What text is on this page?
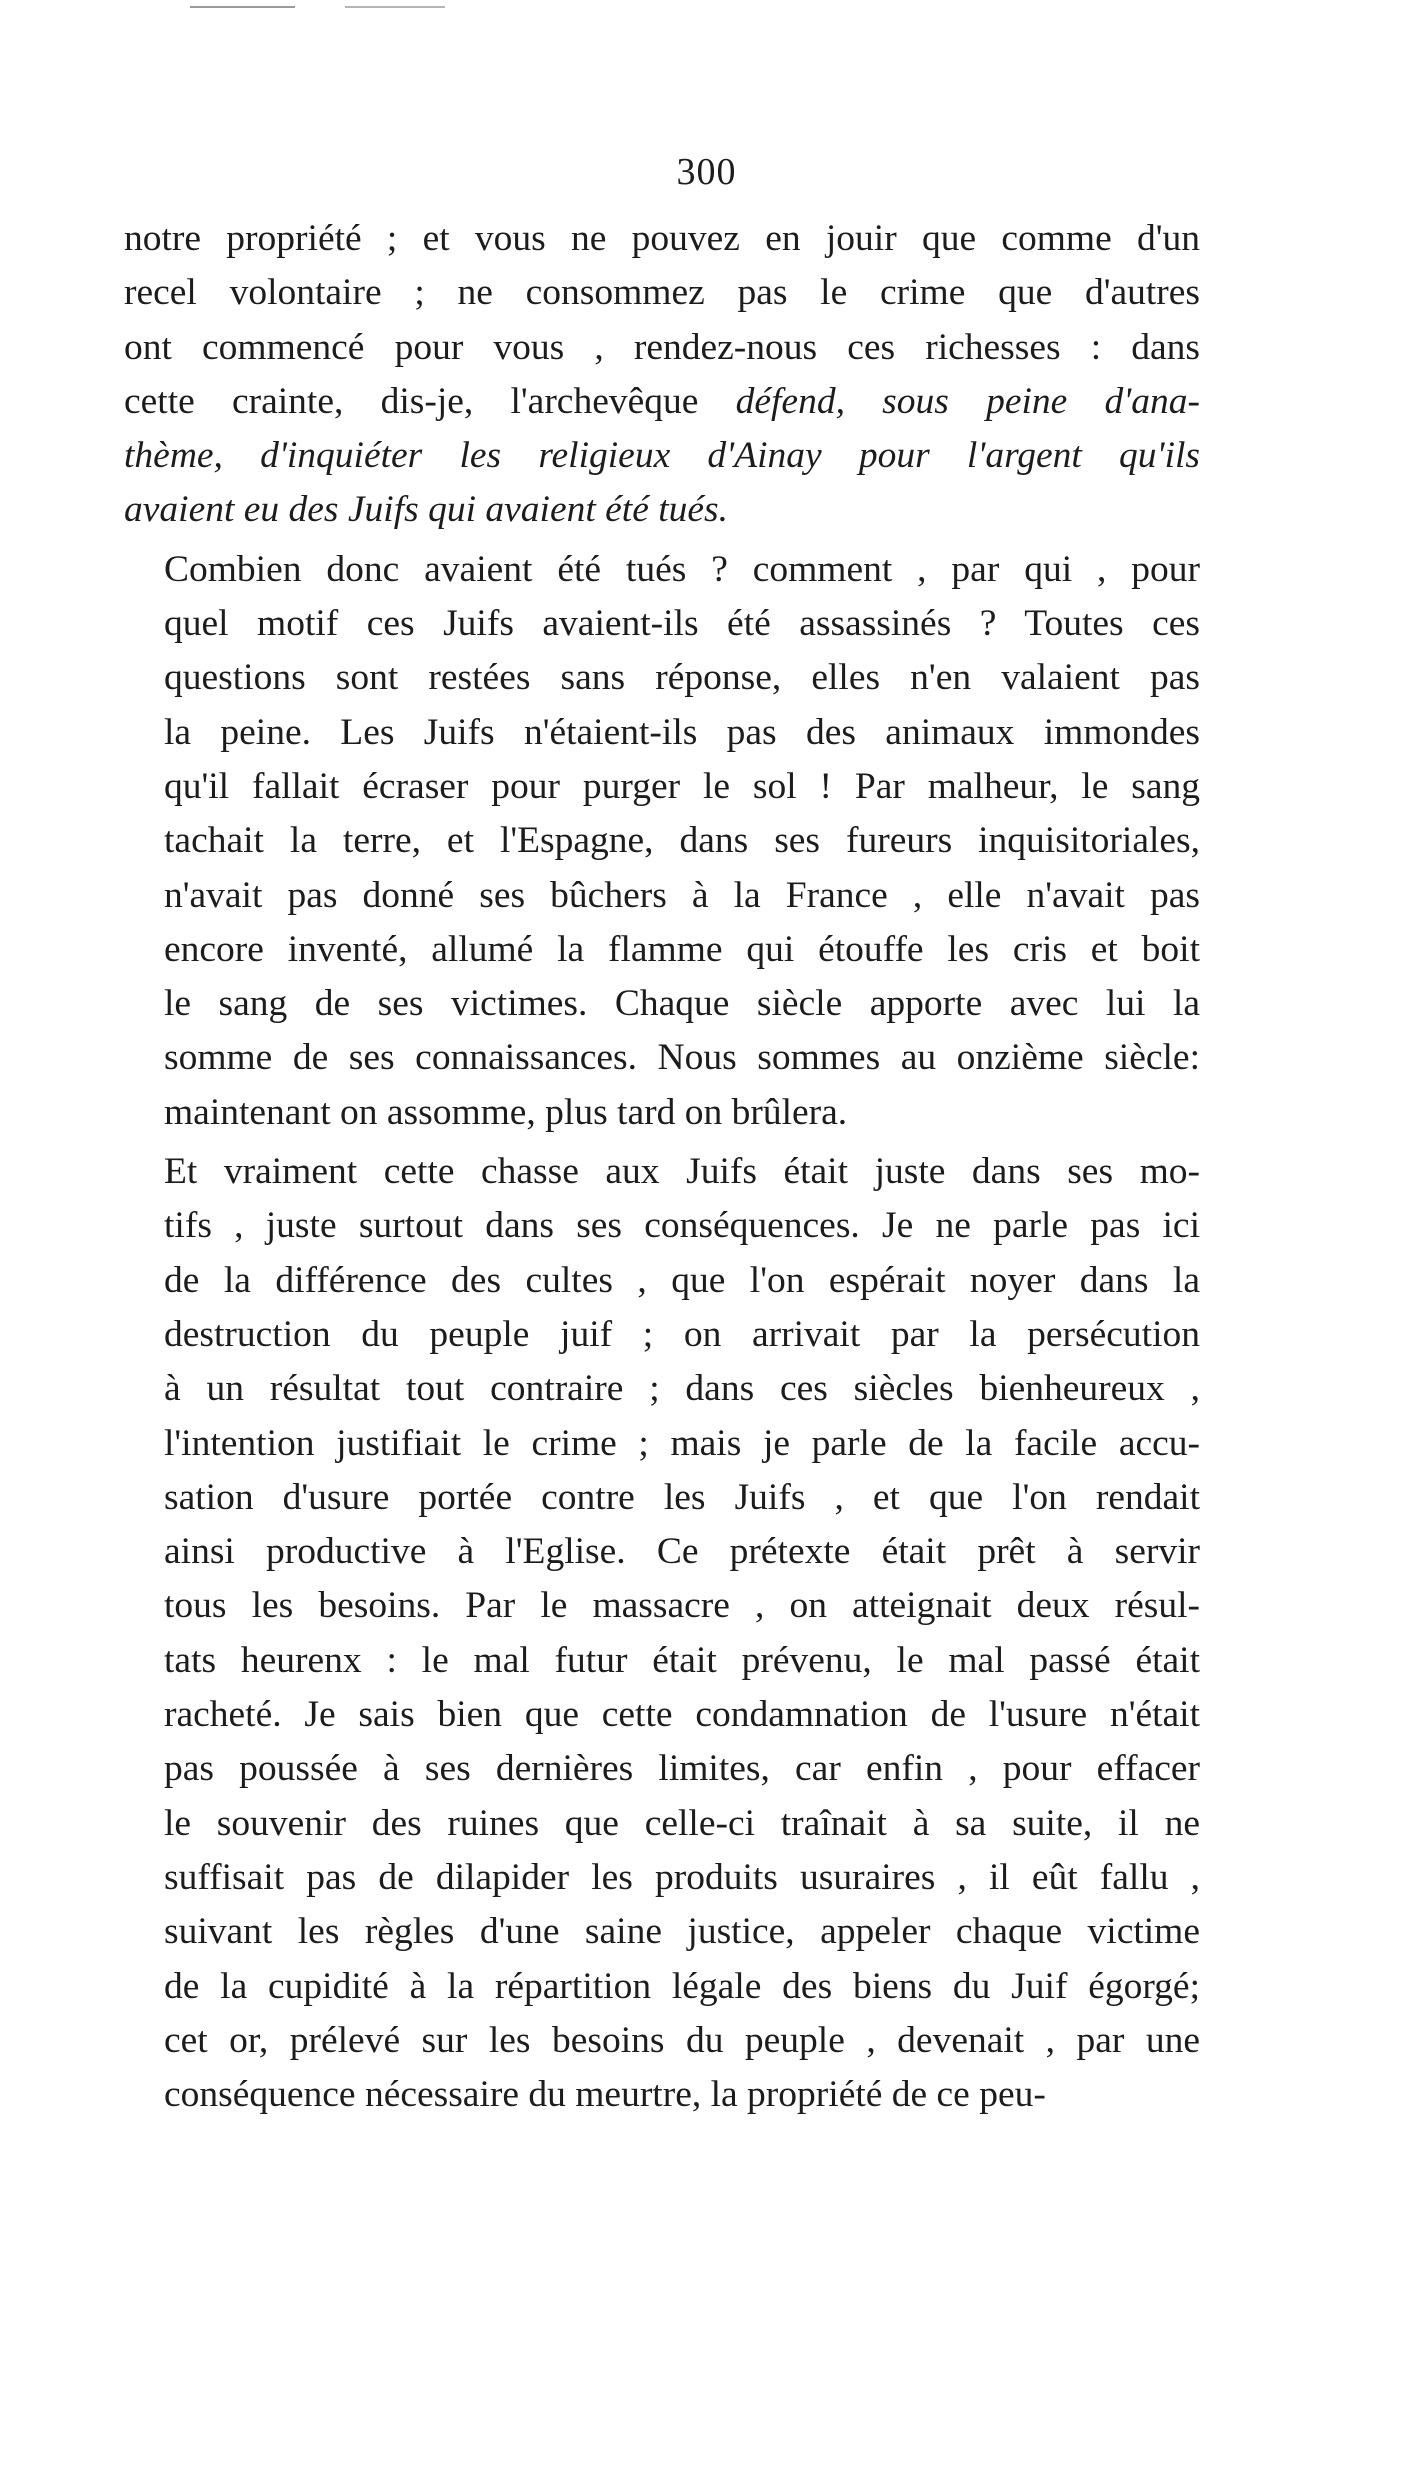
300
notre propriété ; et vous ne pouvez en jouir que comme d'un
recel volontaire ; ne consommez pas le crime que d'autres
ont commencé pour vous , rendez-nous ces richesses : dans
cette crainte, dis-je, l'archevêque défend, sous peine d'ana-
thème, d'inquiéter les religieux d'Ainay pour l'argent qu'ils
avaient eu des Juifs qui avaient été tués.
Combien donc avaient été tués ? comment , par qui , pour
quel motif ces Juifs avaient-ils été assassinés ? Toutes ces
questions sont restées sans réponse, elles n'en valaient pas
la peine. Les Juifs n'étaient-ils pas des animaux immondes
qu'il fallait écraser pour purger le sol ! Par malheur, le sang
tachait la terre, et l'Espagne, dans ses fureurs inquisitoriales,
n'avait pas donné ses bûchers à la France , elle n'avait pas
encore inventé, allumé la flamme qui étouffe les cris et boit
le sang de ses victimes. Chaque siècle apporte avec lui la
somme de ses connaissances. Nous sommes au onzième siècle:
maintenant on assomme, plus tard on brûlera.
Et vraiment cette chasse aux Juifs était juste dans ses mo-
tifs , juste surtout dans ses conséquences. Je ne parle pas ici
de la différence des cultes , que l'on espérait noyer dans la
destruction du peuple juif ; on arrivait par la persécution
à un résultat tout contraire ; dans ces siècles bienheureux ,
l'intention justifiait le crime ; mais je parle de la facile accu-
sation d'usure portée contre les Juifs , et que l'on rendait
ainsi productive à l'Eglise. Ce prétexte était prêt à servir
tous les besoins. Par le massacre , on atteignait deux résul-
tats heurenx : le mal futur était prévenu, le mal passé était
racheté. Je sais bien que cette condamnation de l'usure n'était
pas poussée à ses dernières limites, car enfin , pour effacer
le souvenir des ruines que celle-ci traînait à sa suite, il ne
suffisait pas de dilapider les produits usuraires , il eût fallu ,
suivant les règles d'une saine justice, appeler chaque victime
de la cupidité à la répartition légale des biens du Juif égorgé;
cet or, prélevé sur les besoins du peuple , devenait , par une
conséquence nécessaire du meurtre, la propriété de ce peu-
